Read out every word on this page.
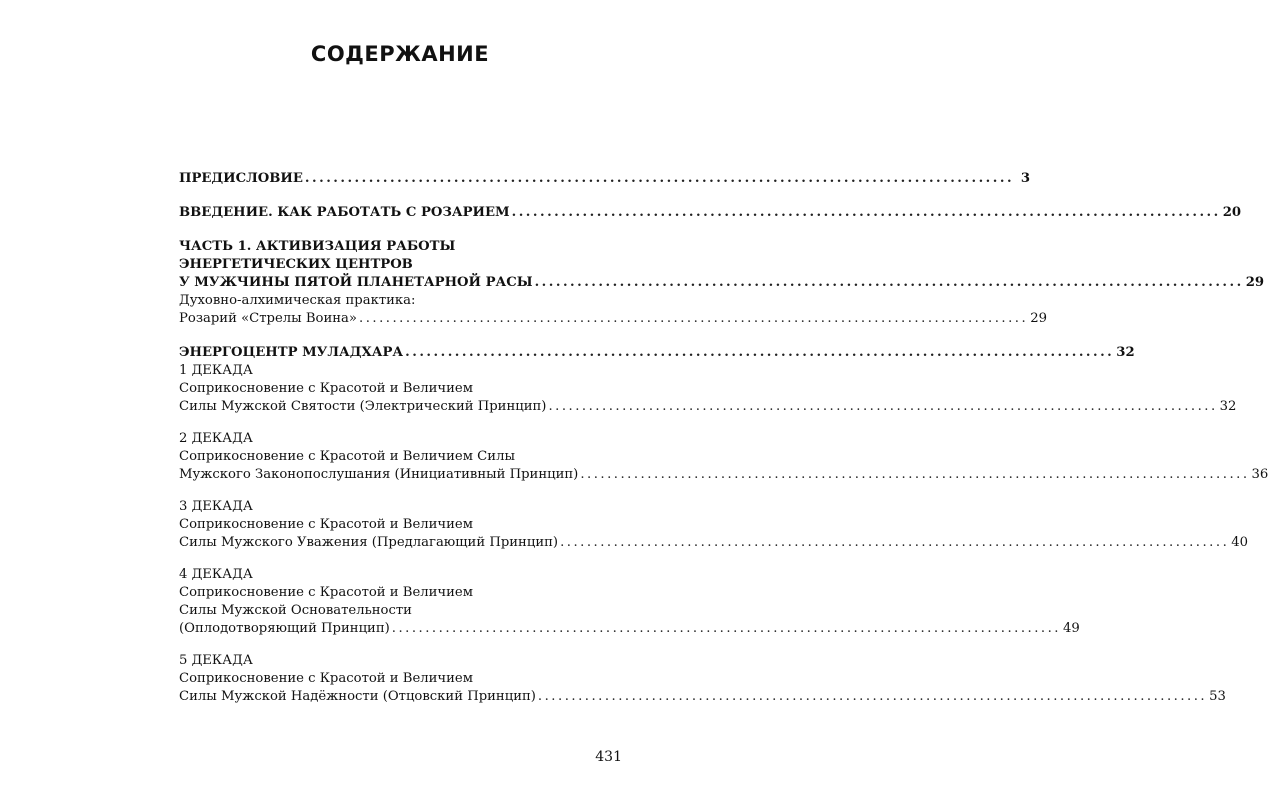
СОДЕРЖАНИЕ
ПРЕДИСЛОВИЕ .................................................................................................... 3
ВВЕДЕНИЕ. КАК РАБОТАТЬ С РОЗАРИЕМ .................................................................................................... 20
ЧАСТЬ 1. АКТИВИЗАЦИЯ РАБОТЫ
ЭНЕРГЕТИЧЕСКИХ ЦЕНТРОВ
У МУЖЧИНЫ ПЯТОЙ ПЛАНЕТАРНОЙ РАСЫ .................................................................................................... 29
Духовно-алхимическая практика:
Розарий «Стрелы Воина» .................................................................................................... 29
ЭНЕРГОЦЕНТР МУЛАДХАРА .................................................................................................... 32
1 ДЕКАДА
Соприкосновение с Красотой и Величием
Силы Мужской Святости (Электрический Принцип) .................................................................................................... 32
2 ДЕКАДА
Соприкосновение с Красотой и Величием Силы
Мужского Законопослушания (Инициативный Принцип) .................................................................................................... 36
3 ДЕКАДА
Соприкосновение с Красотой и Величием
Силы Мужского Уважения (Предлагающий Принцип) .................................................................................................... 40
4 ДЕКАДА
Соприкосновение с Красотой и Величием
Силы Мужской Основательности
(Оплодотворяющий Принцип) .................................................................................................... 49
5 ДЕКАДА
Соприкосновение с Красотой и Величием
Силы Мужской Надёжности (Отцовский Принцип) .................................................................................................... 53
431
